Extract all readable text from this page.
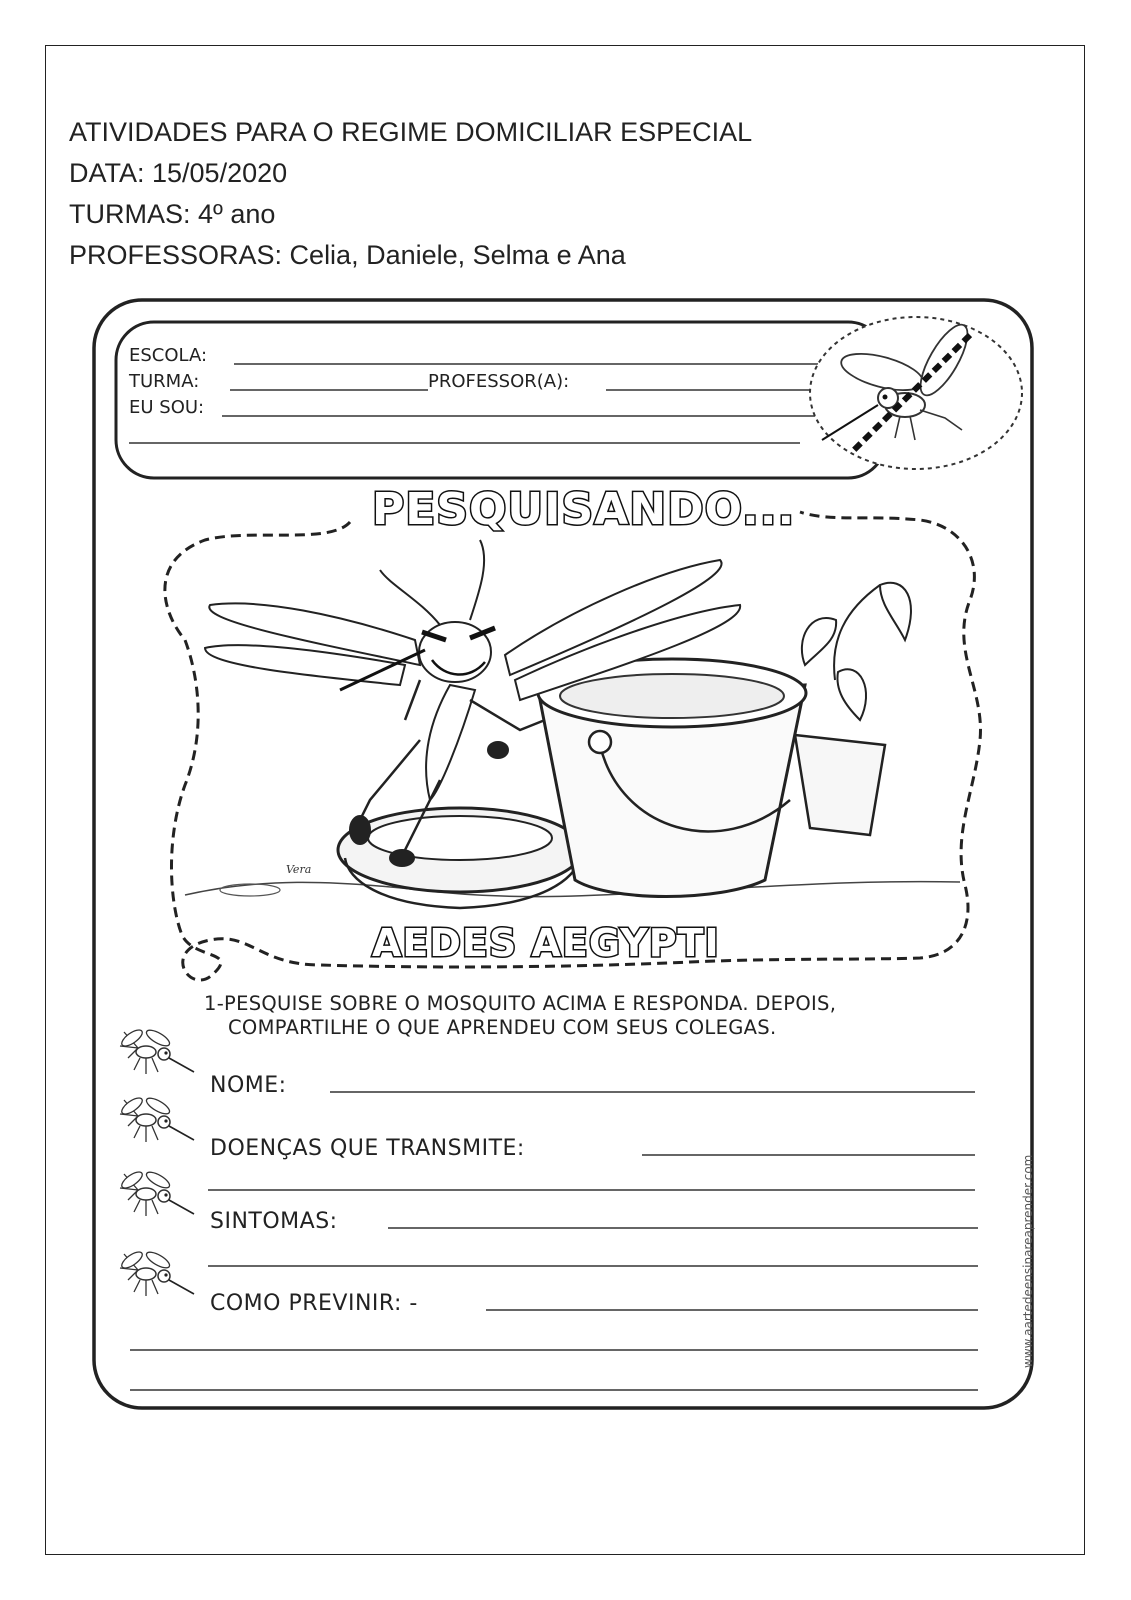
ATIVIDADES PARA O REGIME DOMICILIAR ESPECIAL
DATA: 15/05/2020
TURMAS: 4º ano
PROFESSORAS: Celia, Daniele, Selma e Ana
ESCOLA:
TURMA:	PROFESSOR(A):
EU SOU:
PESQUISANDO...
Vera
AEDES AEGYPTI
1-PESQUISE SOBRE O MOSQUITO ACIMA E RESPONDA. DEPOIS,
COMPARTILHE O QUE APRENDEU COM SEUS COLEGAS.
NOME:
DOENÇAS QUE TRANSMITE:
SINTOMAS:
COMO PREVINIR: -	www.aartedeensinareaprender.com
